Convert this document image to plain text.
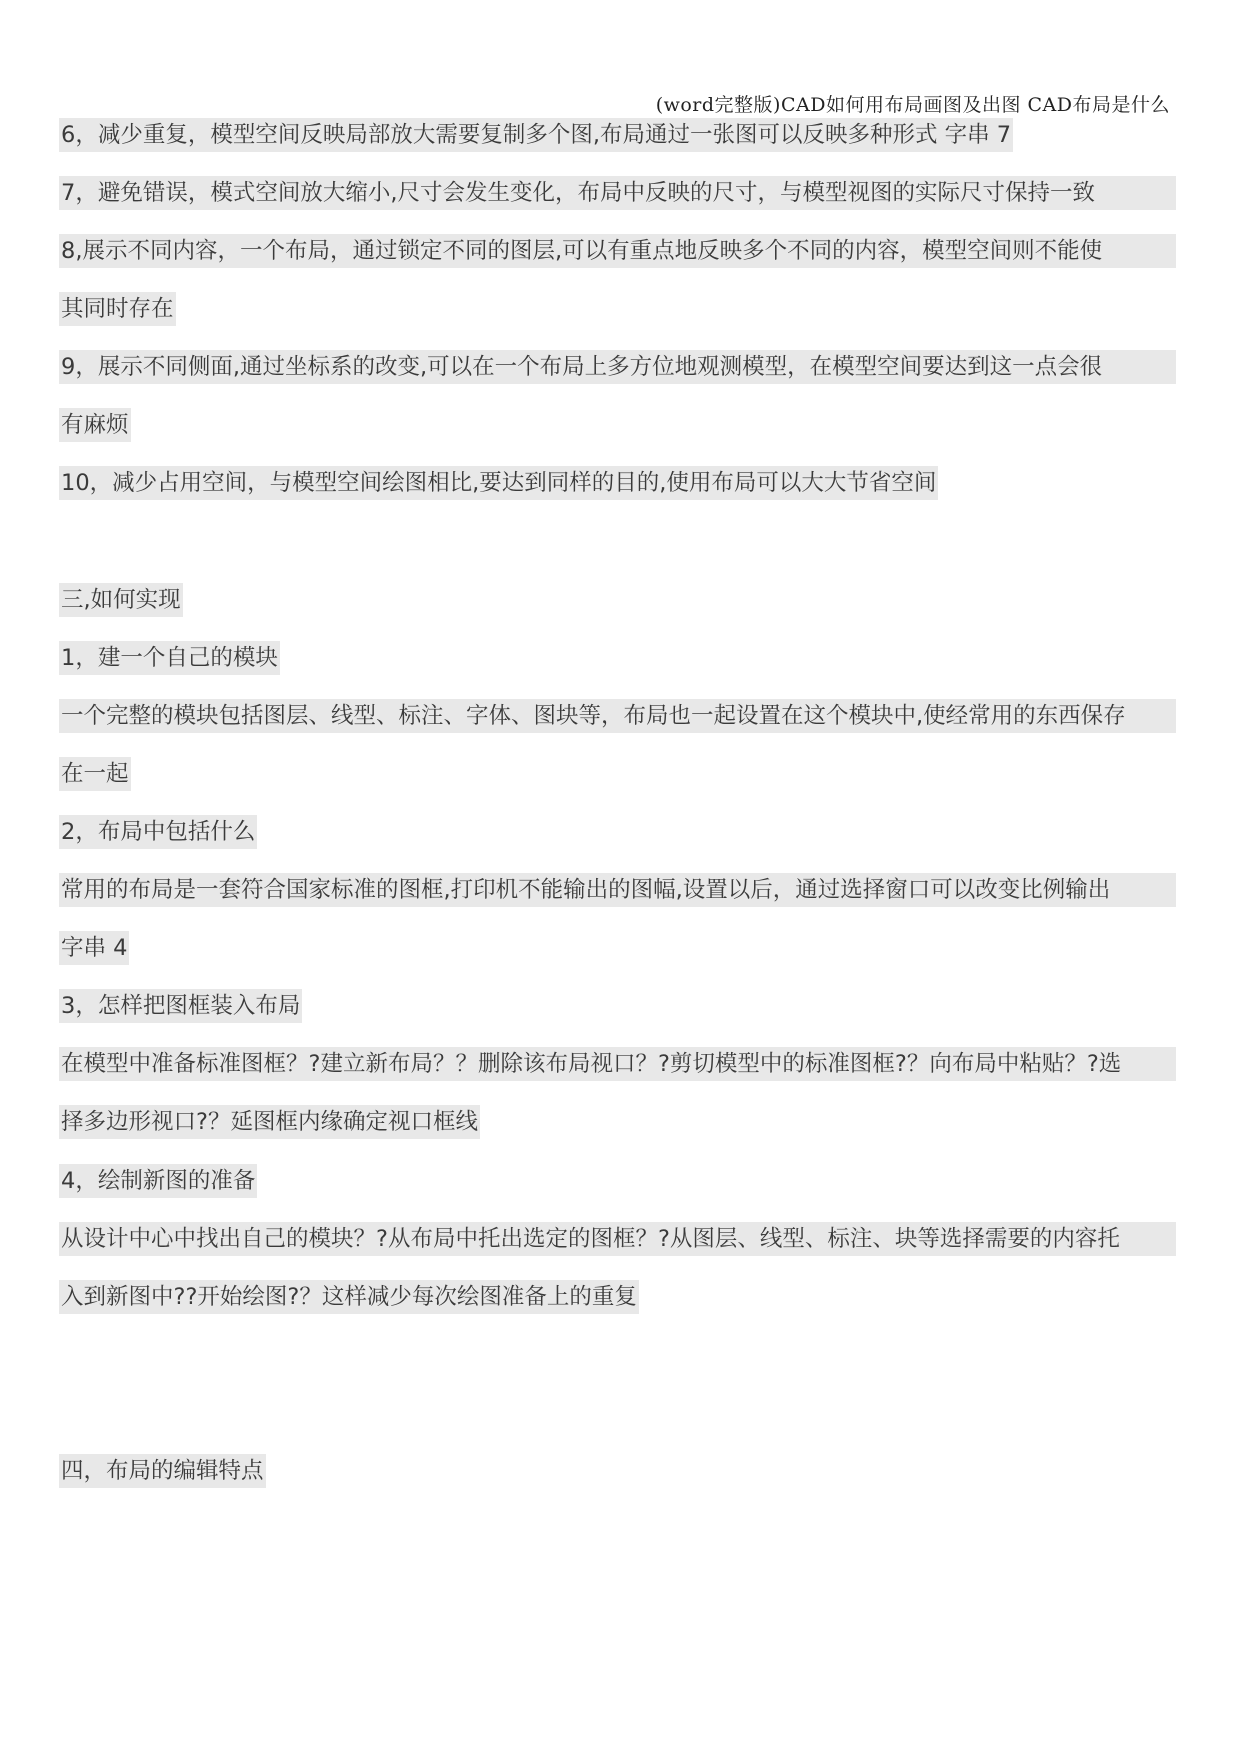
(word完整版)CAD如何用布局画图及出图 CAD布局是什么
6，减少重复，模型空间反映局部放大需要复制多个图,布局通过一张图可以反映多种形式 字串 7
7，避免错误，模式空间放大缩小,尺寸会发生变化，布局中反映的尺寸，与模型视图的实际尺寸保持一致
8,展示不同内容，一个布局，通过锁定不同的图层,可以有重点地反映多个不同的内容，模型空间则不能使
其同时存在
9，展示不同侧面,通过坐标系的改变,可以在一个布局上多方位地观测模型，在模型空间要达到这一点会很
有麻烦
10，减少占用空间，与模型空间绘图相比,要达到同样的目的,使用布局可以大大节省空间
三,如何实现
1，建一个自己的模块
一个完整的模块包括图层、线型、标注、字体、图块等，布局也一起设置在这个模块中,使经常用的东西保存
在一起
2，布局中包括什么
常用的布局是一套符合国家标准的图框,打印机不能输出的图幅,设置以后，通过选择窗口可以改变比例输出
字串 4
3，怎样把图框装入布局
在模型中准备标准图框？?建立新布局？？删除该布局视口？?剪切模型中的标准图框?？向布局中粘贴？?选
择多边形视口?？延图框内缘确定视口框线
4，绘制新图的准备
从设计中心中找出自己的模块？?从布局中托出选定的图框？?从图层、线型、标注、块等选择需要的内容托
入到新图中??开始绘图?？这样减少每次绘图准备上的重复
四，布局的编辑特点
